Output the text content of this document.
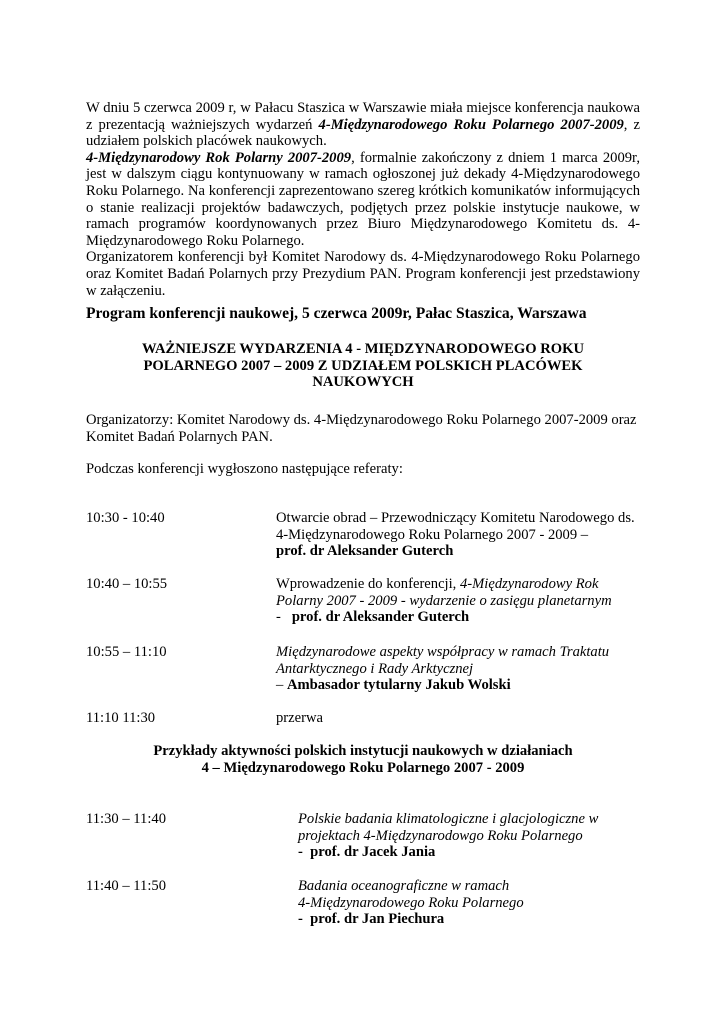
W dniu 5 czerwca 2009 r, w Pałacu Staszica w Warszawie miała miejsce konferencja naukowa z prezentacją ważniejszych wydarzeń 4-Międzynarodowego Roku Polarnego 2007-2009, z udziałem polskich placówek naukowych.

4-Międzynarodowy Rok Polarny 2007-2009, formalnie zakończony z dniem 1 marca 2009r, jest w dalszym ciągu kontynuowany w ramach ogłoszonej już dekady 4-Międzynarodowego Roku Polarnego. Na konferencji zaprezentowano szereg krótkich komunikatów informujących o stanie realizacji projektów badawczych, podjętych przez polskie instytucje naukowe, w ramach programów koordynowanych przez Biuro Międzynarodowego Komitetu ds. 4-Międzynarodowego Roku Polarnego.

Organizatorem konferencji był Komitet Narodowy ds. 4-Międzynarodowego Roku Polarnego oraz Komitet Badań Polarnych przy Prezydium PAN. Program konferencji jest przedstawiony w załączeniu.

Program konferencji naukowej, 5 czerwca 2009r, Pałac Staszica, Warszawa
WAŻNIEJSZE WYDARZENIA 4 - MIĘDZYNARODOWEGO ROKU
POLARNEGO 2007 – 2009 Z UDZIAŁEM POLSKICH PLACÓWEK
NAUKOWYCH
Organizatorzy: Komitet Narodowy ds. 4-Międzynarodowego Roku Polarnego 2007-2009 oraz Komitet Badań Polarnych PAN.
Podczas konferencji wygłoszono następujące referaty:
10:30 - 10:40	Otwarcie obrad – Przewodniczący Komitetu Narodowego ds.
4-Międzynarodowego Roku Polarnego 2007 - 2009 –
prof. dr Aleksander Guterch
10:40 – 10:55	Wprowadzenie do konferencji, 4-Międzynarodowy Rok
Polarny 2007 - 2009 - wydarzenie o zasięgu planetarnym
-   prof. dr Aleksander Guterch
10:55 – 11:10	Międzynarodowe aspekty współpracy w ramach Traktatu
Antarktycznego i Rady Arktycznej
– Ambasador tytularny Jakub Wolski
11:10 11:30	przerwa
Przykłady aktywności polskich instytucji naukowych w działaniach
4 – Międzynarodowego Roku Polarnego 2007 - 2009
11:30 – 11:40	Polskie badania klimatologiczne i glacjologiczne w
projektach 4-Międzynarodowgo Roku Polarnego
-  prof. dr Jacek Jania
11:40 – 11:50	Badania oceanograficzne w ramach
4-Międzynarodowego Roku Polarnego
-  prof. dr Jan Piechura
